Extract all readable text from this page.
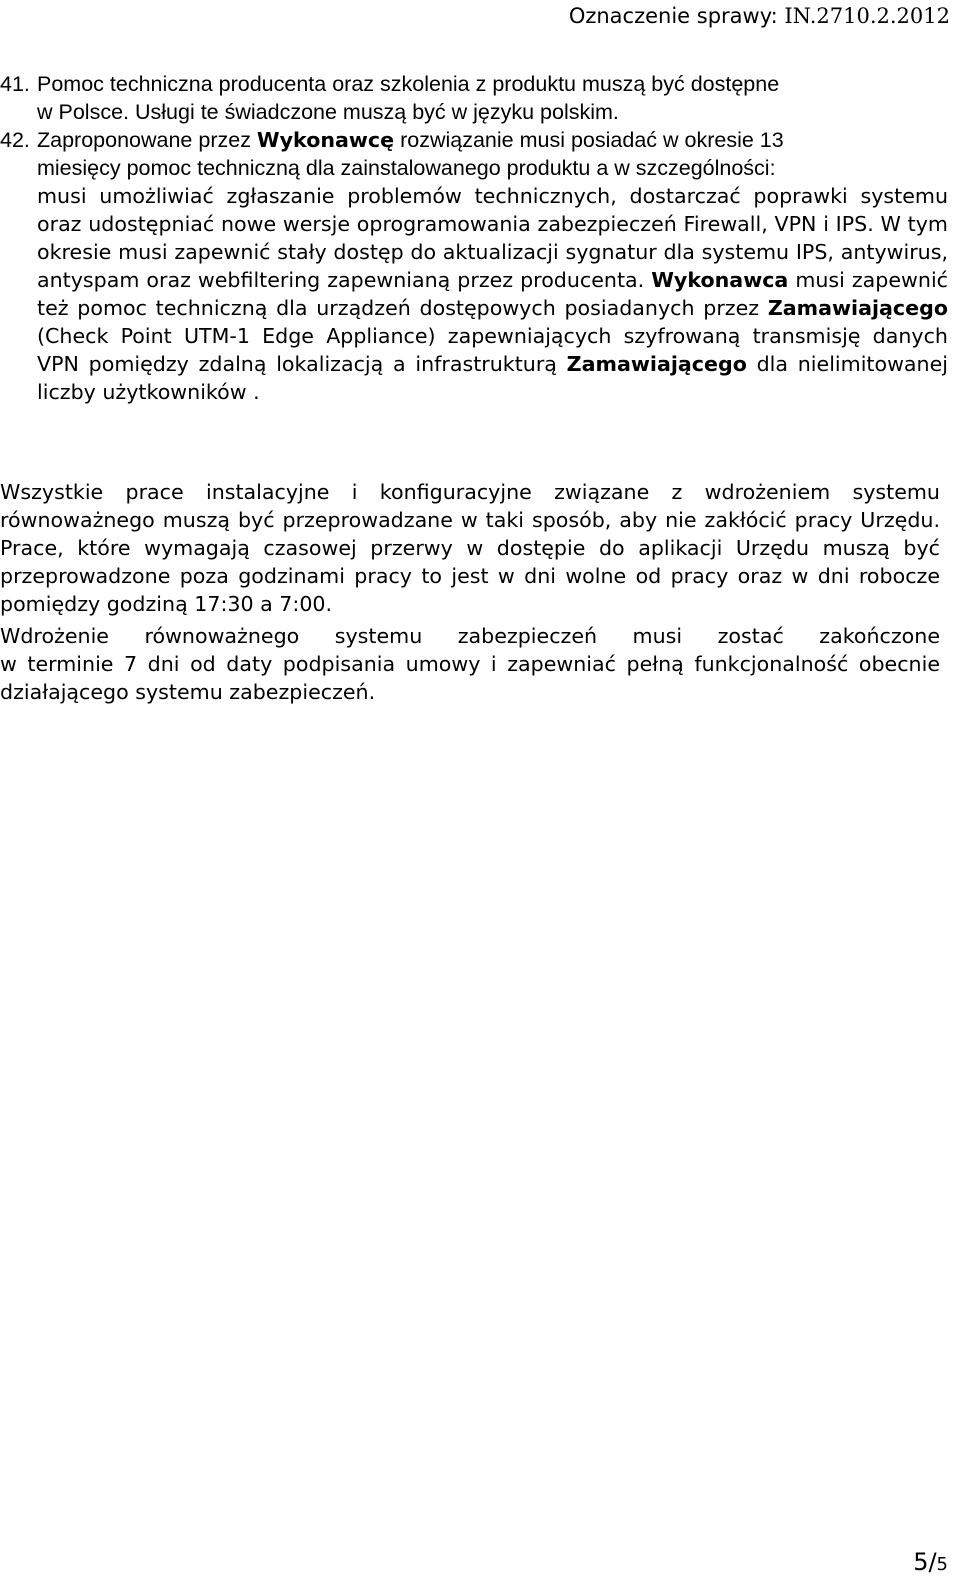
Oznaczenie sprawy: IN.2710.2.2012
41. Pomoc techniczna producenta oraz szkolenia z produktu muszą być dostępne
w Polsce. Usługi te świadczone muszą być w języku polskim.
42. Zaproponowane przez Wykonawcę rozwiązanie musi posiadać w okresie 13
miesięcy pomoc techniczną dla zainstalowanego produktu a w szczególności:
musi umożliwiać zgłaszanie problemów technicznych, dostarczać poprawki systemu oraz udostępniać nowe wersje oprogramowania zabezpieczeń Firewall, VPN i IPS. W tym okresie musi zapewnić stały dostęp do aktualizacji sygnatur dla systemu IPS, antywirus, antyspam oraz webfiltering zapewnianą przez producenta. Wykonawca musi zapewnić też pomoc techniczną dla urządzeń dostępowych posiadanych przez Zamawiającego (Check Point UTM-1 Edge Appliance) zapewniających szyfrowaną transmisję danych VPN pomiędzy zdalną lokalizacją a infrastrukturą Zamawiającego dla nielimitowanej liczby użytkowników .
Wszystkie prace instalacyjne i konfiguracyjne związane z wdrożeniem systemu równoważnego muszą być przeprowadzane w taki sposób, aby nie zakłócić pracy Urzędu. Prace, które wymagają czasowej przerwy w dostępie do aplikacji Urzędu muszą być przeprowadzone poza godzinami pracy to jest w dni wolne od pracy oraz w dni robocze pomiędzy godziną 17:30 a 7:00.
Wdrożenie równoważnego systemu zabezpieczeń musi zostać zakończone
w terminie 7 dni od daty podpisania umowy i zapewniać pełną funkcjonalność obecnie działającego systemu zabezpieczeń.
5/5
